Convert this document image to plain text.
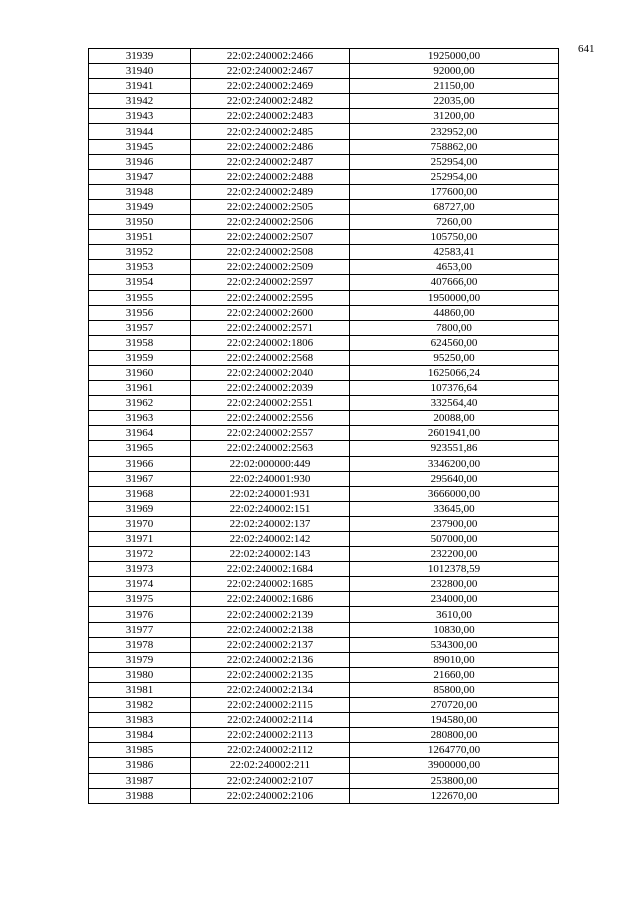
641
31939	22:02:240002:2466	1925000,00
31940	22:02:240002:2467	92000,00
31941	22:02:240002:2469	21150,00
31942	22:02:240002:2482	22035,00
31943	22:02:240002:2483	31200,00
31944	22:02:240002:2485	232952,00
31945	22:02:240002:2486	758862,00
31946	22:02:240002:2487	252954,00
31947	22:02:240002:2488	252954,00
31948	22:02:240002:2489	177600,00
31949	22:02:240002:2505	68727,00
31950	22:02:240002:2506	7260,00
31951	22:02:240002:2507	105750,00
31952	22:02:240002:2508	42583,41
31953	22:02:240002:2509	4653,00
31954	22:02:240002:2597	407666,00
31955	22:02:240002:2595	1950000,00
31956	22:02:240002:2600	44860,00
31957	22:02:240002:2571	7800,00
31958	22:02:240002:1806	624560,00
31959	22:02:240002:2568	95250,00
31960	22:02:240002:2040	1625066,24
31961	22:02:240002:2039	107376,64
31962	22:02:240002:2551	332564,40
31963	22:02:240002:2556	20088,00
31964	22:02:240002:2557	2601941,00
31965	22:02:240002:2563	923551,86
31966	22:02:000000:449	3346200,00
31967	22:02:240001:930	295640,00
31968	22:02:240001:931	3666000,00
31969	22:02:240002:151	33645,00
31970	22:02:240002:137	237900,00
31971	22:02:240002:142	507000,00
31972	22:02:240002:143	232200,00
31973	22:02:240002:1684	1012378,59
31974	22:02:240002:1685	232800,00
31975	22:02:240002:1686	234000,00
31976	22:02:240002:2139	3610,00
31977	22:02:240002:2138	10830,00
31978	22:02:240002:2137	534300,00
31979	22:02:240002:2136	89010,00
31980	22:02:240002:2135	21660,00
31981	22:02:240002:2134	85800,00
31982	22:02:240002:2115	270720,00
31983	22:02:240002:2114	194580,00
31984	22:02:240002:2113	280800,00
31985	22:02:240002:2112	1264770,00
31986	22:02:240002:211	3900000,00
31987	22:02:240002:2107	253800,00
31988	22:02:240002:2106	122670,00
